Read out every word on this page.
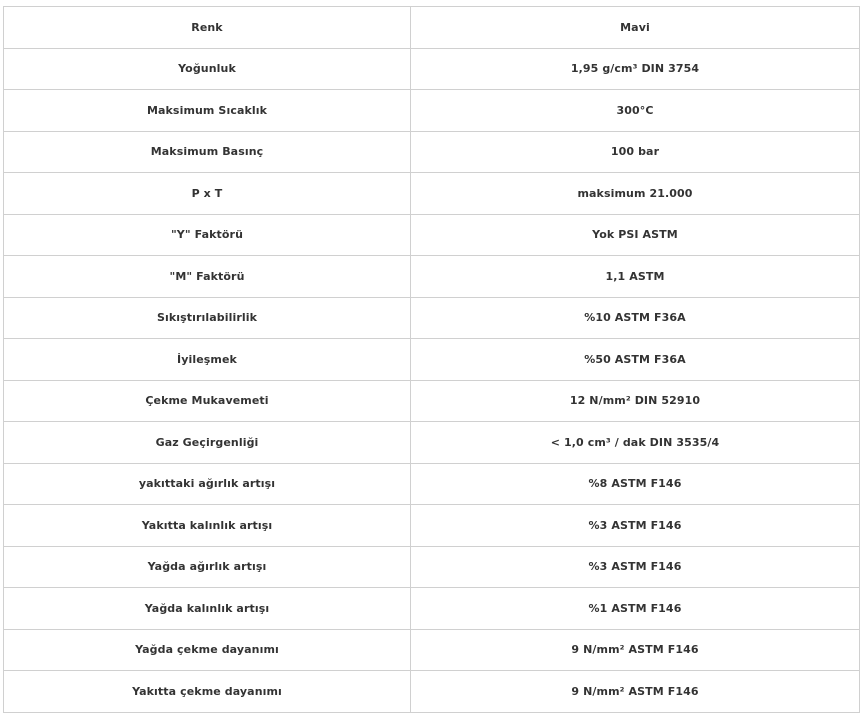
Renk	Mavi
Yoğunluk	1,95 g/cm³ DIN 3754
Maksimum Sıcaklık	300°C
Maksimum Basınç	100 bar
P x T	maksimum 21.000
"Y" Faktörü	Yok PSI ASTM
"M" Faktörü	1,1 ASTM
Sıkıştırılabilirlik	%10 ASTM F36A
İyileşmek	%50 ASTM F36A
Çekme Mukavemeti	12 N/mm² DIN 52910
Gaz Geçirgenliği	< 1,0 cm³ / dak DIN 3535/4
yakıttaki ağırlık artışı	%8 ASTM F146
Yakıtta kalınlık artışı	%3 ASTM F146
Yağda ağırlık artışı	%3 ASTM F146
Yağda kalınlık artışı	%1 ASTM F146
Yağda çekme dayanımı	9 N/mm² ASTM F146
Yakıtta çekme dayanımı	9 N/mm² ASTM F146
